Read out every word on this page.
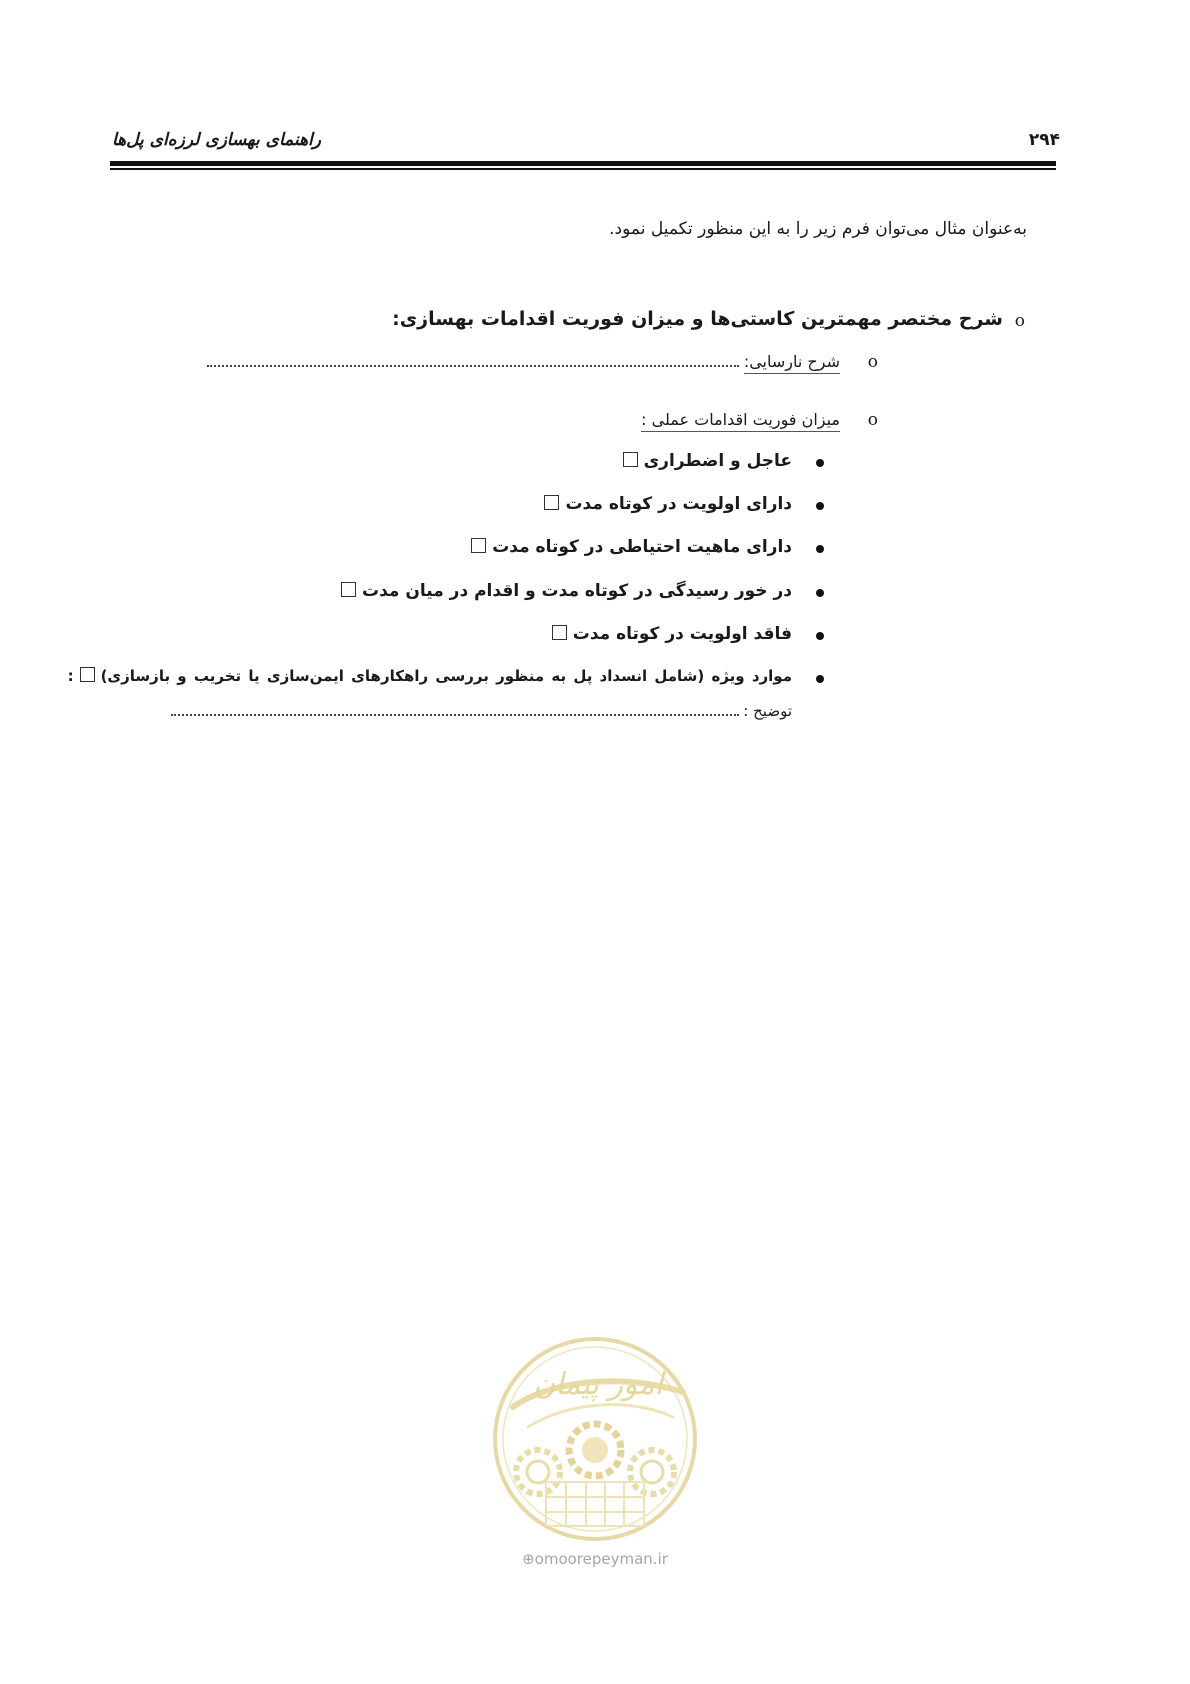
راهنمای بهسازی لرزه‌ای پل‌ها	۲۹۴
به‌عنوان مثال می‌توان فرم زیر را به این منظور تکمیل نمود.
o
شرح مختصر مهمترین کاستی‌ها و میزان فوریت اقدامات بهسازی:
o
شرح نارسایی:
o
میزان فوریت اقدامات عملی :
عاجل و اضطراری
دارای اولویت در کوتاه مدت
دارای ماهیت احتیاطی در کوتاه مدت
در خور رسیدگی در کوتاه مدت و اقدام در میان مدت
فاقد اولویت در کوتاه مدت
موارد ویژه (شامل انسداد پل به منظور بررسی راهکارهای ایمن‌سازی یا تخریب و بازسازی):
توضیح :
امور پیمان
⊕omoorepeyman.ir
